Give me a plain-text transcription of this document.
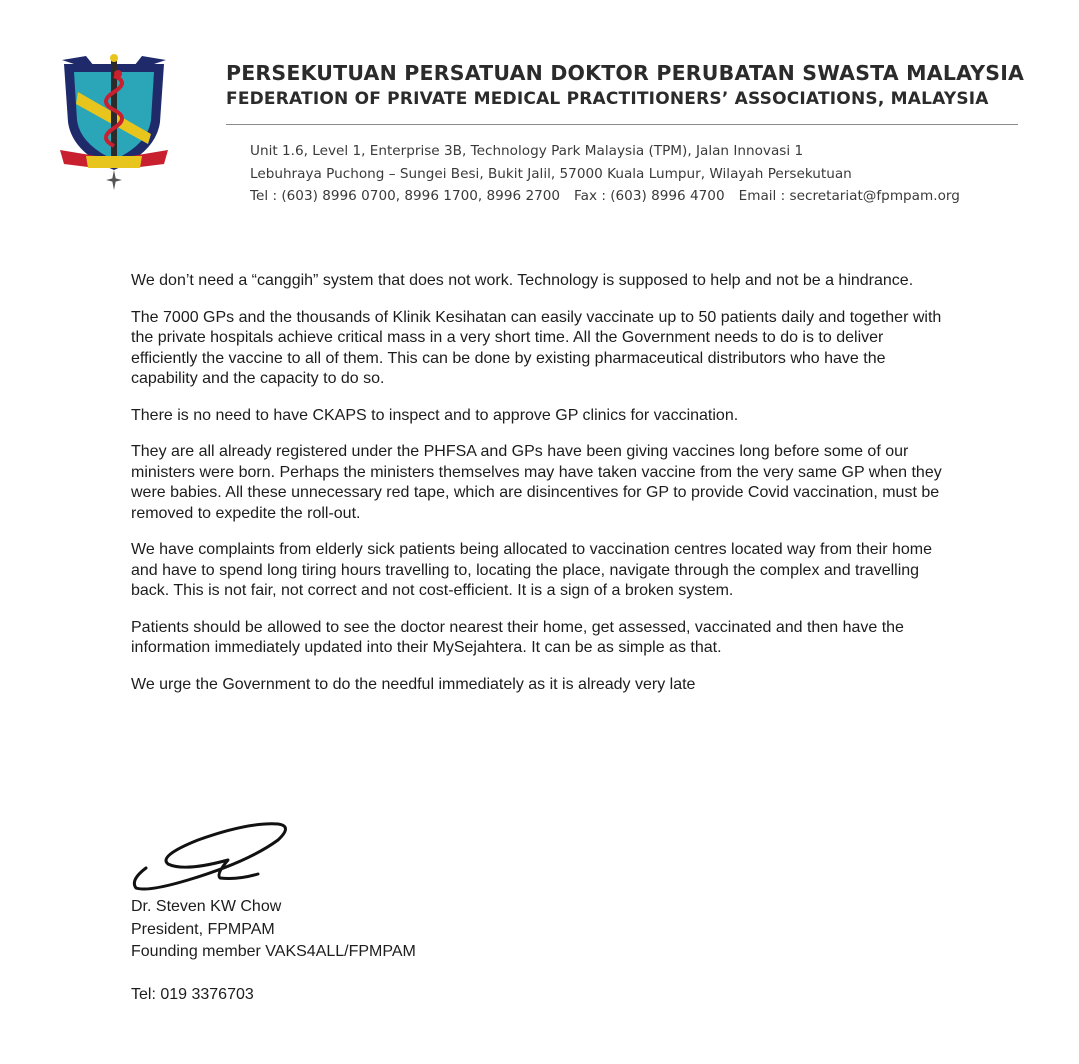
PERSEKUTUAN PERSATUAN DOKTOR PERUBATAN SWASTA MALAYSIA
FEDERATION OF PRIVATE MEDICAL PRACTITIONERS’ ASSOCIATIONS, MALAYSIA
Unit 1.6, Level 1, Enterprise 3B, Technology Park Malaysia (TPM), Jalan Innovasi 1
Lebuhraya Puchong – Sungei Besi, Bukit Jalil, 57000 Kuala Lumpur, Wilayah Persekutuan
Tel : (603) 8996 0700, 8996 1700, 8996 2700 Fax : (603) 8996 4700 Email : secretariat@fpmpam.org

We don’t need a “canggih” system that does not work. Technology is supposed to help and not be a hindrance.

The 7000 GPs and the thousands of Klinik Kesihatan can easily vaccinate up to 50 patients daily and together with the private hospitals achieve critical mass in a very short time. All the Government needs to do is to deliver efficiently the vaccine to all of them. This can be done by existing pharmaceutical distributors who have the capability and the capacity to do so.

There is no need to have CKAPS to inspect and to approve GP clinics for vaccination.

They are all already registered under the PHFSA and GPs have been giving vaccines long before some of our ministers were born. Perhaps the ministers themselves may have taken vaccine from the very same GP when they were babies. All these unnecessary red tape, which are disincentives for GP to provide Covid vaccination, must be removed to expedite the roll-out.

We have complaints from elderly sick patients being allocated to vaccination centres located way from their home and have to spend long tiring hours travelling to, locating the place, navigate through the complex and travelling back. This is not fair, not correct and not cost-efficient. It is a sign of a broken system.

Patients should be allowed to see the doctor nearest their home, get assessed, vaccinated and then have the information immediately updated into their MySejahtera. It can be as simple as that.

We urge the Government to do the needful immediately as it is already very late

Dr. Steven KW Chow
President, FPMPAM
Founding member VAKS4ALL/FPMPAM
Tel: 019 3376703
